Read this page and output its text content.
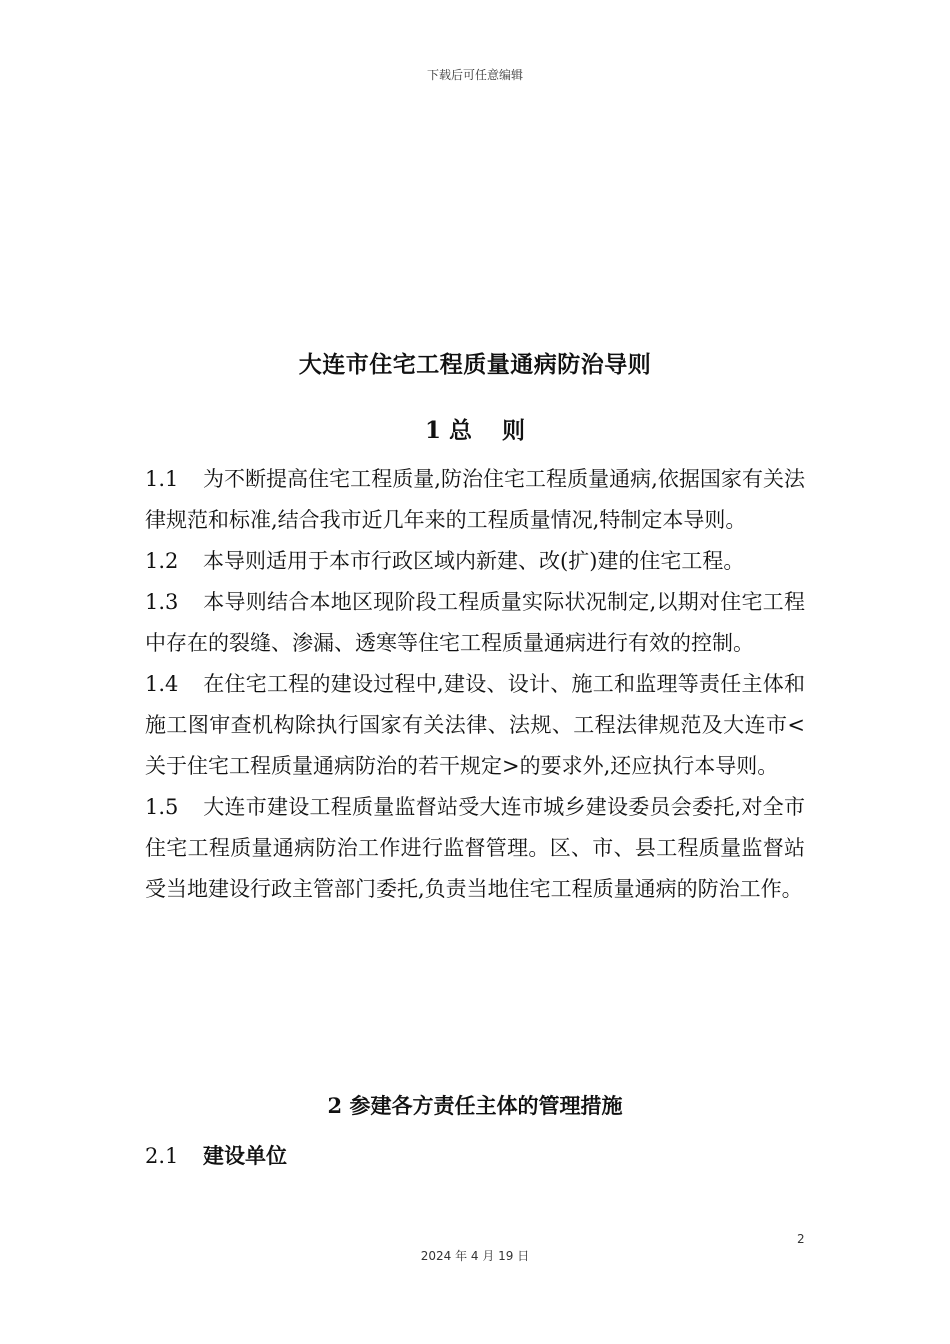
下载后可任意编辑
大连市住宅工程质量通病防治导则
1 总 则

1.1 为不断提高住宅工程质量,防治住宅工程质量通病,依据国家有关法律规范和标准,结合我市近几年来的工程质量情况,特制定本导则。

1.2 本导则适用于本市行政区域内新建、改(扩)建的住宅工程。

1.3 本导则结合本地区现阶段工程质量实际状况制定,以期对住宅工程中存在的裂缝、渗漏、透寒等住宅工程质量通病进行有效的控制。

1.4 在住宅工程的建设过程中,建设、设计、施工和监理等责任主体和施工图审查机构除执行国家有关法律、法规、工程法律规范及大连市<关于住宅工程质量通病防治的若干规定>的要求外,还应执行本导则。

1.5 大连市建设工程质量监督站受大连市城乡建设委员会委托,对全市住宅工程质量通病防治工作进行监督管理。区、市、县工程质量监督站受当地建设行政主管部门委托,负责当地住宅工程质量通病的防治工作。

2 参建各方责任主体的管理措施
2.1 建设单位
2
2024 年 4 月 19 日
